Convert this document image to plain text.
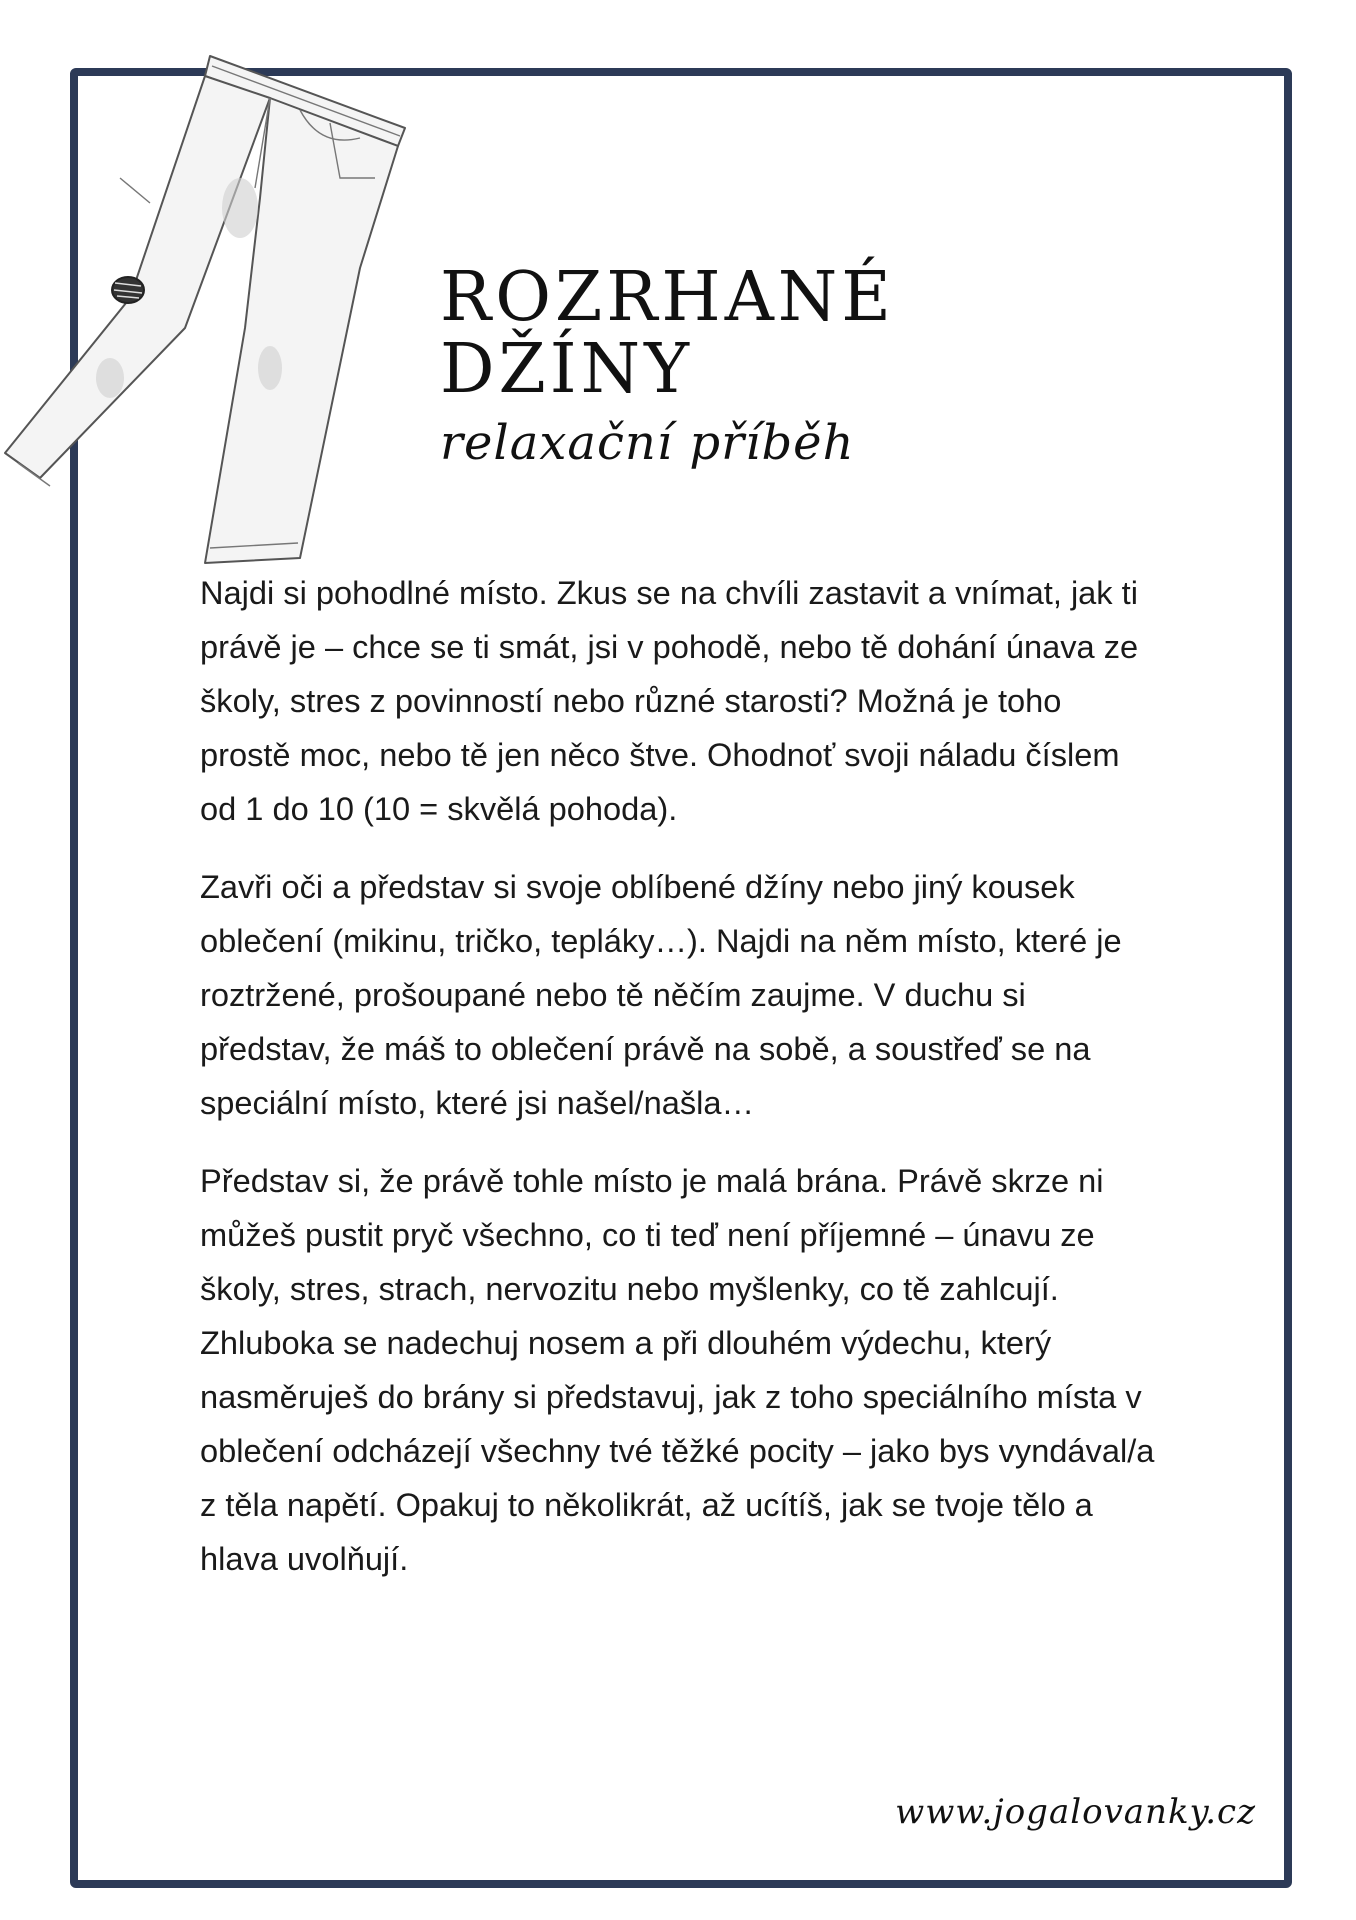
ROZRHANÉ
DŽÍNY
relaxační příběh

Najdi si pohodlné místo. Zkus se na chvíli zastavit a vnímat, jak ti právě je – chce se ti smát, jsi v pohodě, nebo tě dohání únava ze školy, stres z povinností nebo různé starosti? Možná je toho prostě moc, nebo tě jen něco štve. Ohodnoť svoji náladu číslem od 1 do 10 (10 = skvělá pohoda).

Zavři oči a představ si svoje oblíbené džíny nebo jiný kousek oblečení (mikinu, tričko, tepláky…). Najdi na něm místo, které je roztržené, prošoupané nebo tě něčím zaujme. V duchu si představ, že máš to oblečení právě na sobě, a soustřeď se na speciální místo, které jsi našel/našla…

Představ si, že právě tohle místo je malá brána. Právě skrze ni můžeš pustit pryč všechno, co ti teď není příjemné – únavu ze školy, stres, strach, nervozitu nebo myšlenky, co tě zahlcují. Zhluboka se nadechuj nosem a při dlouhém výdechu, který nasměruješ do brány si představuj, jak z toho speciálního místa v oblečení odcházejí všechny tvé těžké pocity – jako bys vyndával/a z těla napětí. Opakuj to několikrát, až ucítíš, jak se tvoje tělo a hlava uvolňují.

www.jogalovanky.cz
